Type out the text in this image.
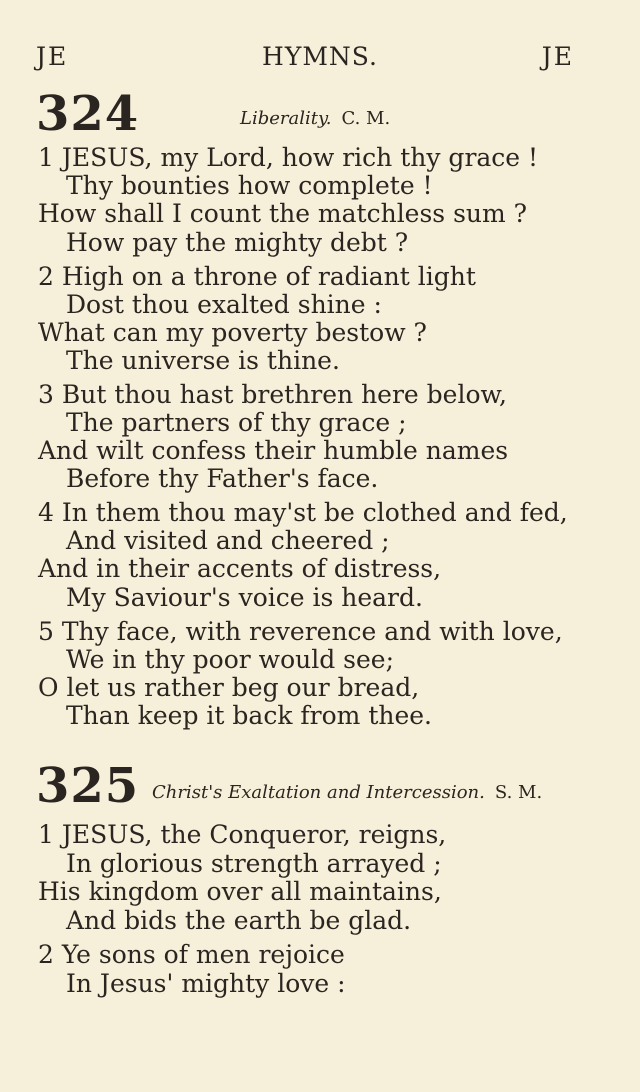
JE	HYMNS.	JE
324	Liberality. C. M.
1 JESUS, my Lord, how rich thy grace !
Thy bounties how complete !
How shall I count the matchless sum ?
How pay the mighty debt ?
2 High on a throne of radiant light
Dost thou exalted shine :
What can my poverty bestow ?
The universe is thine.
3 But thou hast brethren here below,
The partners of thy grace ;
And wilt confess their humble names
Before thy Father's face.
4 In them thou may'st be clothed and fed,
And visited and cheered ;
And in their accents of distress,
My Saviour's voice is heard.
5 Thy face, with reverence and with love,
We in thy poor would see;
O let us rather beg our bread,
Than keep it back from thee.
325 Christ's Exaltation and Intercession. S. M.
1 JESUS, the Conqueror, reigns,
In glorious strength arrayed ;
His kingdom over all maintains,
And bids the earth be glad.
2 Ye sons of men rejoice
In Jesus' mighty love :
